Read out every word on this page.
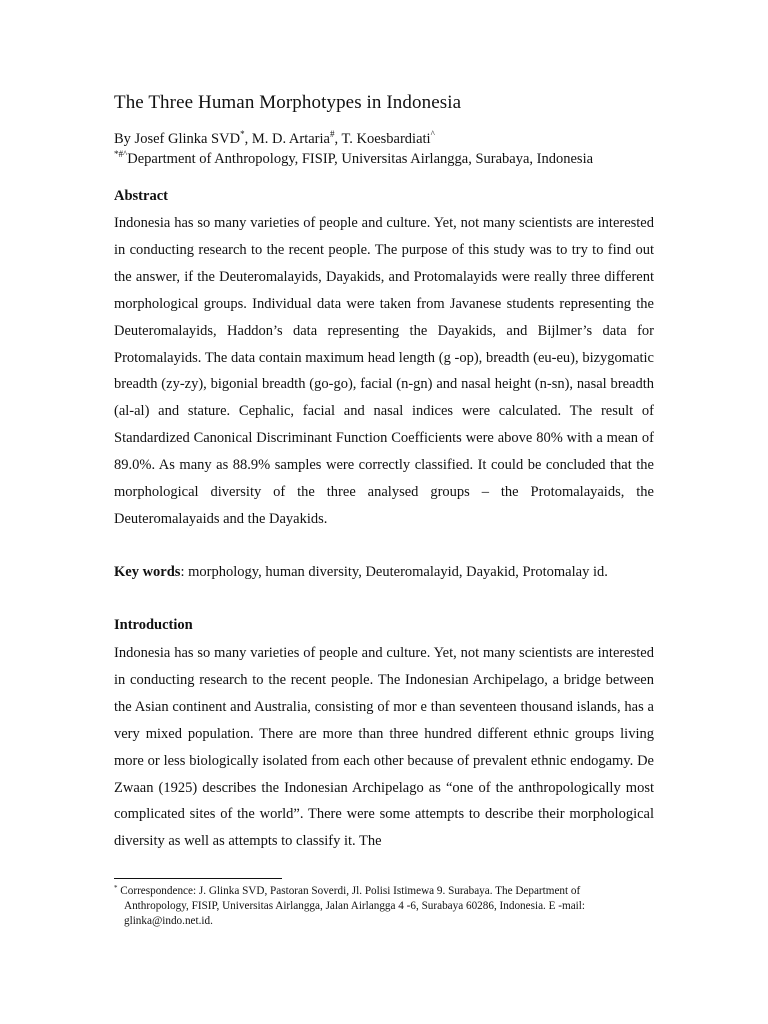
The Three Human Morphotypes in Indonesia
By Josef Glinka SVD*, M. D. Artaria#, T. Koesbardiati^
*#^Department of Anthropology, FISIP, Universitas Airlangga, Surabaya, Indonesia
Abstract

Indonesia has so many varieties of people and culture. Yet, not many scientists are interested in conducting research to the recent people. The purpose of this study was to try to find out the answer, if the Deuteromalayids, Dayakids, and Protomalayids were really three different morphological groups. Individual data were taken from Javanese students representing the Deuteromalayids, Haddon’s data representing the Dayakids, and Bijlmer’s data for Protomalayids. The data contain maximum head length (g -op), breadth (eu-eu), bizygomatic breadth (zy-zy), bigonial breadth (go-go), facial (n-gn) and nasal height (n-sn), nasal breadth (al-al) and stature. Cephalic, facial and nasal indices were calculated. The result of Standardized Canonical Discriminant Function Coefficients were above 80% with a mean of 89.0%. As many as 88.9% samples were correctly classified. It could be concluded that the morphological diversity of the three analysed groups – the Protomalayaids, the Deuteromalayaids and the Dayakids.

Key words: morphology, human diversity, Deuteromalayid, Dayakid, Protomalay id.
Introduction

Indonesia has so many varieties of people and culture. Yet, not many scientists are interested in conducting research to the recent people. The Indonesian Archipelago, a bridge between the Asian continent and Australia, consisting of mor e than seventeen thousand islands, has a very mixed population. There are more than three hundred different ethnic groups living more or less biologically isolated from each other because of prevalent ethnic endogamy. De Zwaan (1925) describes the Indonesian Archipelago as “one of the anthropologically most complicated sites of the world”. There were some attempts to describe their morphological diversity as well as attempts to classify it. The

* Correspondence: J. Glinka SVD, Pastoran Soverdi, Jl. Polisi Istimewa 9. Surabaya. The Department of
Anthropology, FISIP, Universitas Airlangga, Jalan Airlangga 4 -6, Surabaya 60286, Indonesia. E -mail:
glinka@indo.net.id.
